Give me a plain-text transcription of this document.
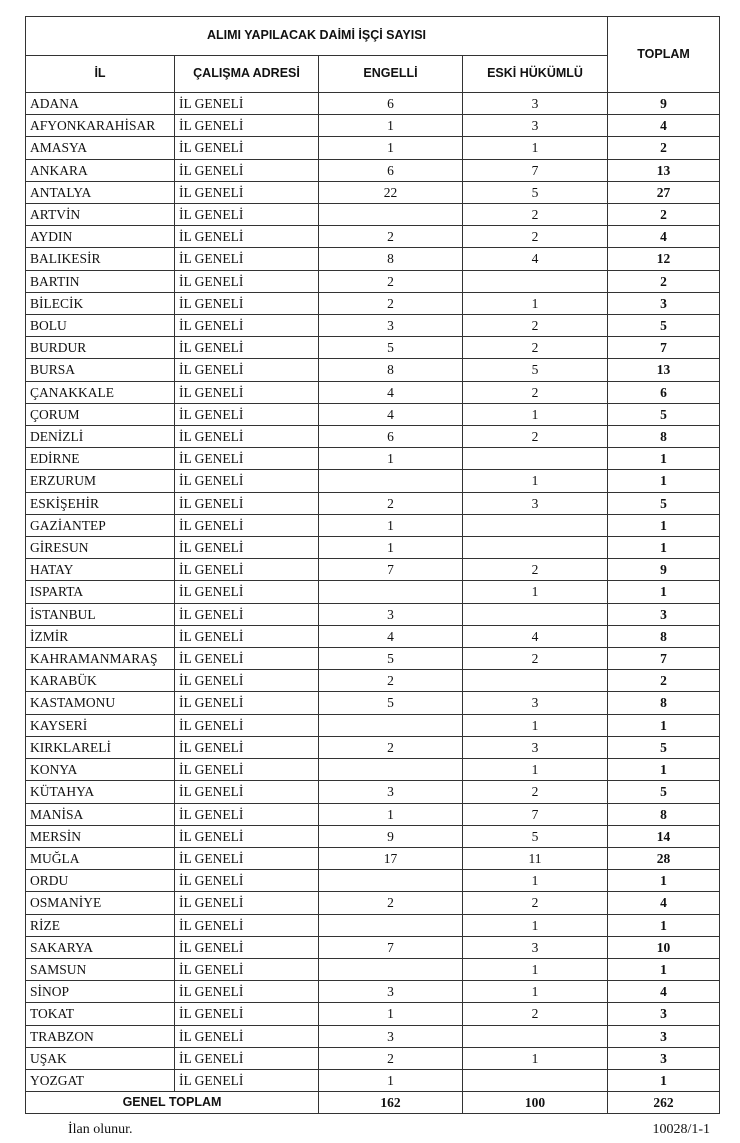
ALIMI YAPILACAK DAİMİ İŞÇİ SAYISI				TOPLAM
İL	ÇALIŞMA ADRESİ	ENGELLİ	ESKİ HÜKÜMLÜ	
ADANA	İL GENELİ	6	3	9
AFYONKARAHİSAR	İL GENELİ	1	3	4
AMASYA	İL GENELİ	1	1	2
ANKARA	İL GENELİ	6	7	13
ANTALYA	İL GENELİ	22	5	27
ARTVİN	İL GENELİ		2	2
AYDIN	İL GENELİ	2	2	4
BALIKESİR	İL GENELİ	8	4	12
BARTIN	İL GENELİ	2		2
BİLECİK	İL GENELİ	2	1	3
BOLU	İL GENELİ	3	2	5
BURDUR	İL GENELİ	5	2	7
BURSA	İL GENELİ	8	5	13
ÇANAKKALE	İL GENELİ	4	2	6
ÇORUM	İL GENELİ	4	1	5
DENİZLİ	İL GENELİ	6	2	8
EDİRNE	İL GENELİ	1		1
ERZURUM	İL GENELİ		1	1
ESKİŞEHİR	İL GENELİ	2	3	5
GAZİANTEP	İL GENELİ	1		1
GİRESUN	İL GENELİ	1		1
HATAY	İL GENELİ	7	2	9
ISPARTA	İL GENELİ		1	1
İSTANBUL	İL GENELİ	3		3
İZMİR	İL GENELİ	4	4	8
KAHRAMANMARAŞ	İL GENELİ	5	2	7
KARABÜK	İL GENELİ	2		2
KASTAMONU	İL GENELİ	5	3	8
KAYSERİ	İL GENELİ		1	1
KIRKLARELİ	İL GENELİ	2	3	5
KONYA	İL GENELİ		1	1
KÜTAHYA	İL GENELİ	3	2	5
MANİSA	İL GENELİ	1	7	8
MERSİN	İL GENELİ	9	5	14
MUĞLA	İL GENELİ	17	11	28
ORDU	İL GENELİ		1	1
OSMANİYE	İL GENELİ	2	2	4
RİZE	İL GENELİ		1	1
SAKARYA	İL GENELİ	7	3	10
SAMSUN	İL GENELİ		1	1
SİNOP	İL GENELİ	3	1	4
TOKAT	İL GENELİ	1	2	3
TRABZON	İL GENELİ	3		3
UŞAK	İL GENELİ	2	1	3
YOZGAT	İL GENELİ	1		1
GENEL TOPLAM		162	100	262
İlan olunur.	10028/1-1
